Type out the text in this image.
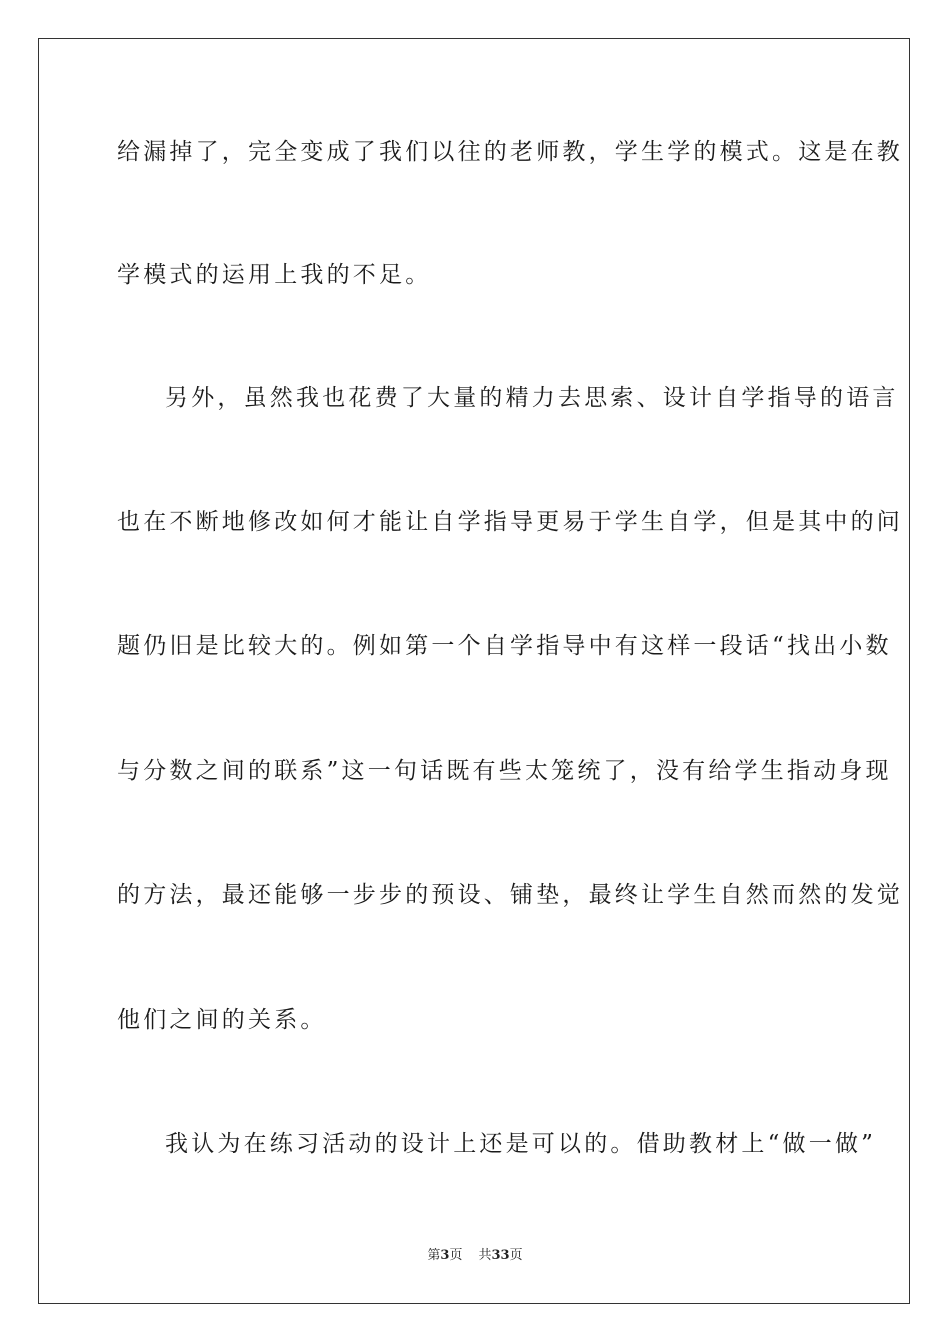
给漏掉了，完全变成了我们以往的老师教，学生学的模式。这是在教
学模式的运用上我的不足。
另外，虽然我也花费了大量的精力去思索、设计自学指导的语言
也在不断地修改如何才能让自学指导更易于学生自学，但是其中的问
题仍旧是比较大的。例如第一个自学指导中有这样一段话“找出小数
与分数之间的联系”这一句话既有些太笼统了，没有给学生指动身现
的方法，最还能够一步步的预设、铺垫，最终让学生自然而然的发觉
他们之间的关系。
我认为在练习活动的设计上还是可以的。借助教材上“做一做”
第3页 共33页
